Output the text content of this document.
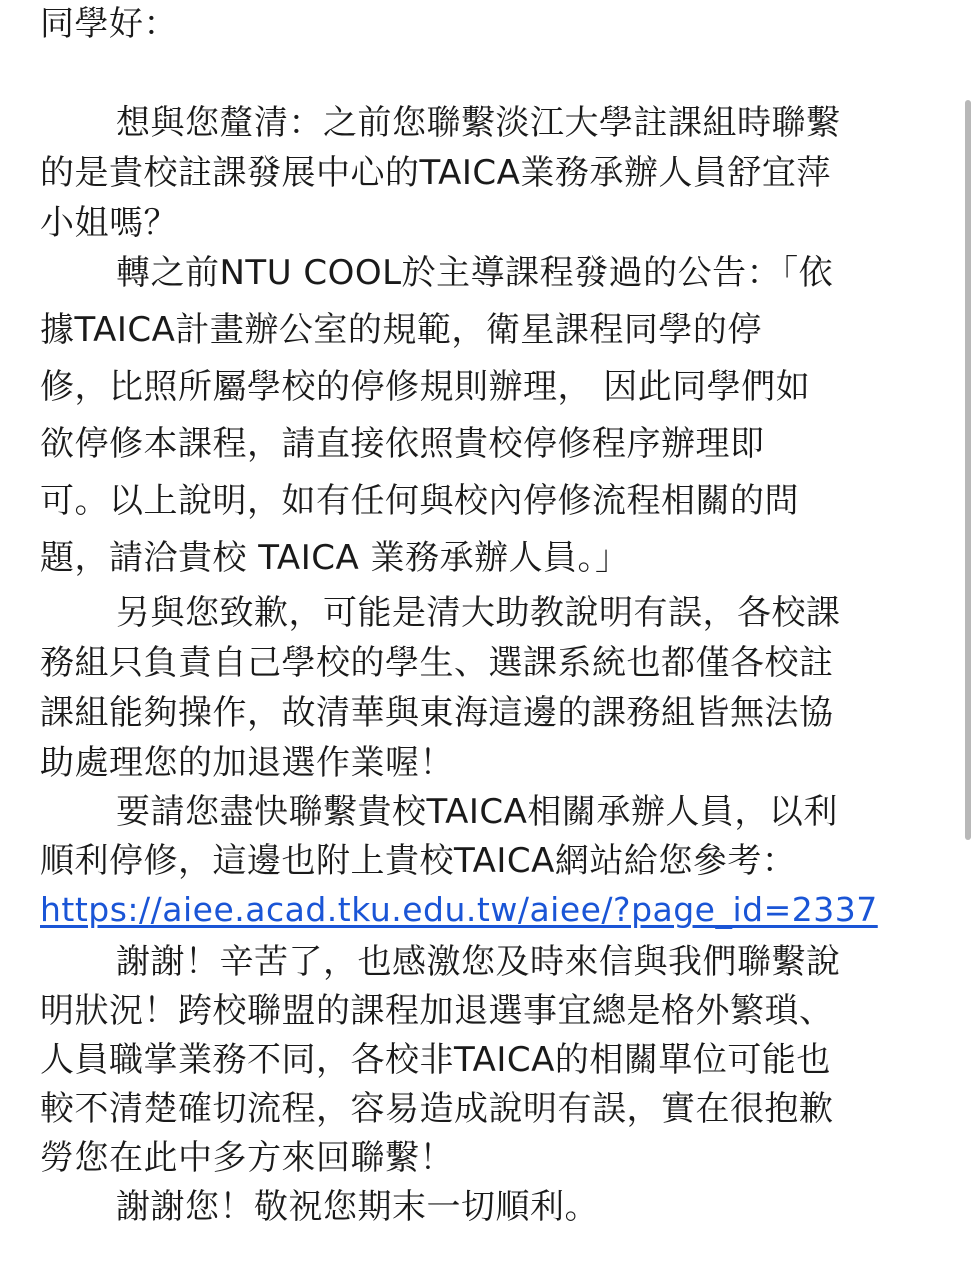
同學好：
想與您釐清：之前您聯繫淡江大學註課組時聯繫
的是貴校註課發展中心的TAICA業務承辦人員舒宜萍
小姐嗎？
轉之前NTU COOL於主導課程發過的公告：「依
據TAICA計畫辦公室的規範，衛星課程同學的停
修，比照所屬學校的停修規則辦理， 因此同學們如
欲停修本課程，請直接依照貴校停修程序辦理即
可。以上說明，如有任何與校內停修流程相關的問
題，請洽貴校 TAICA 業務承辦人員。」
另與您致歉，可能是清大助教說明有誤，各校課
務組只負責自己學校的學生、選課系統也都僅各校註
課組能夠操作，故清華與東海這邊的課務組皆無法協
助處理您的加退選作業喔！
要請您盡快聯繫貴校TAICA相關承辦人員，以利
順利停修，這邊也附上貴校TAICA網站給您參考：
https://aiee.acad.tku.edu.tw/aiee/?page_id=2337
謝謝！辛苦了，也感激您及時來信與我們聯繫說
明狀況！跨校聯盟的課程加退選事宜總是格外繁瑣、
人員職掌業務不同，各校非TAICA的相關單位可能也
較不清楚確切流程，容易造成說明有誤，實在很抱歉
勞您在此中多方來回聯繫！
謝謝您！敬祝您期末一切順利。
